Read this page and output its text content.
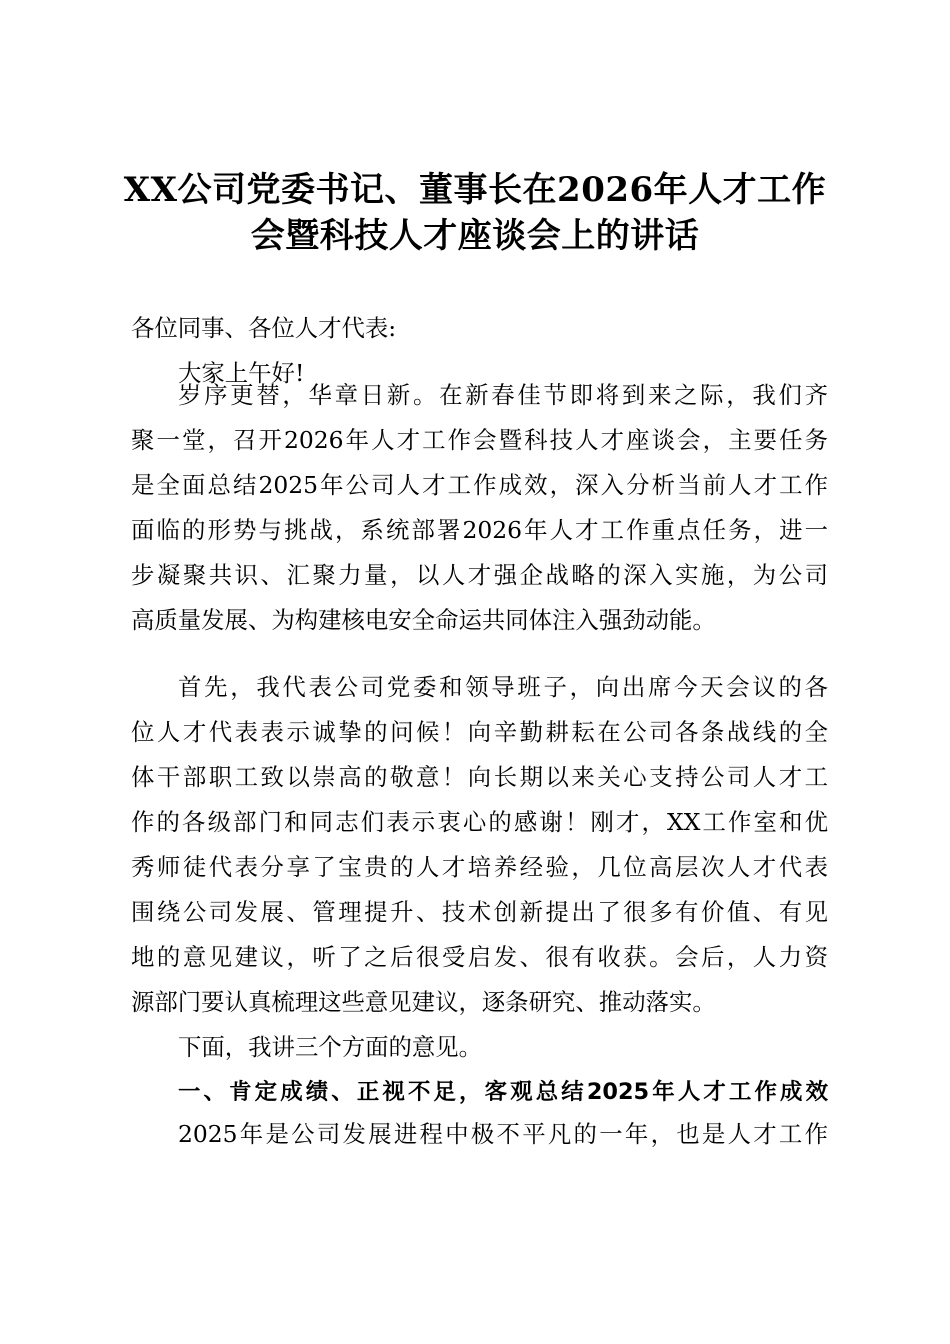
XX公司党委书记、董事长在2026年人才工作
会暨科技人才座谈会上的讲话
各位同事、各位人才代表:
大家上午好!
岁序更替，华章日新。在新春佳节即将到来之际，我们齐
聚一堂，召开2026年人才工作会暨科技人才座谈会，主要任务
是全面总结2025年公司人才工作成效，深入分析当前人才工作
面临的形势与挑战，系统部署2026年人才工作重点任务，进一
步凝聚共识、汇聚力量，以人才强企战略的深入实施，为公司
高质量发展、为构建核电安全命运共同体注入强劲动能。
首先，我代表公司党委和领导班子，向出席今天会议的各
位人才代表表示诚挚的问候！向辛勤耕耘在公司各条战线的全
体干部职工致以崇高的敬意！向长期以来关心支持公司人才工
作的各级部门和同志们表示衷心的感谢！刚才，XX工作室和优
秀师徒代表分享了宝贵的人才培养经验，几位高层次人才代表
围绕公司发展、管理提升、技术创新提出了很多有价值、有见
地的意见建议，听了之后很受启发、很有收获。会后，人力资
源部门要认真梳理这些意见建议，逐条研究、推动落实。
下面，我讲三个方面的意见。
一、肯定成绩、正视不足，客观总结2025年人才工作成效
2025年是公司发展进程中极不平凡的一年，也是人才工作
